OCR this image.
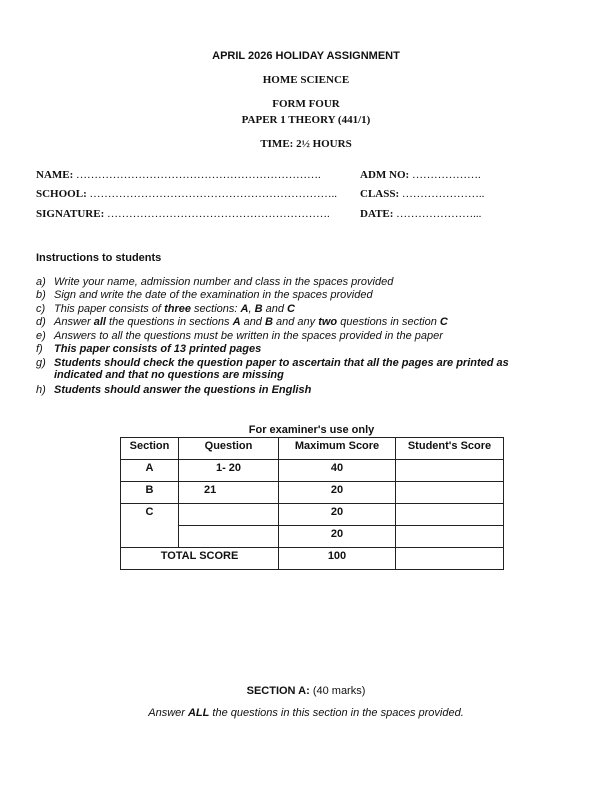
APRIL 2026 HOLIDAY ASSIGNMENT
HOME SCIENCE
FORM FOUR
PAPER 1 THEORY (441/1)
TIME: 2½ HOURS
NAME: ………………………………………………………….	ADM NO: ……………….
SCHOOL: ………………………………………………………….. CLASS: …………………..
SIGNATURE: …………………………………………………….	DATE: …………………...
Instructions to students
a) Write your name, admission number and class in the spaces provided
b) Sign and write the date of the examination in the spaces provided
c) This paper consists of three sections: A, B and C
d) Answer all the questions in sections A and B and any two questions in section C
e) Answers to all the questions must be written in the spaces provided in the paper
f) This paper consists of 13 printed pages
g) Students should check the question paper to ascertain that all the pages are printed as
indicated and that no questions are missing
h) Students should answer the questions in English
For examiner's use only
Section	Question	Maximum Score	Student's Score
A	1- 20	40	
B	21	20	
C		20	
		20	
TOTAL SCORE		100	
SECTION A: (40 marks)
Answer ALL the questions in this section in the spaces provided.
